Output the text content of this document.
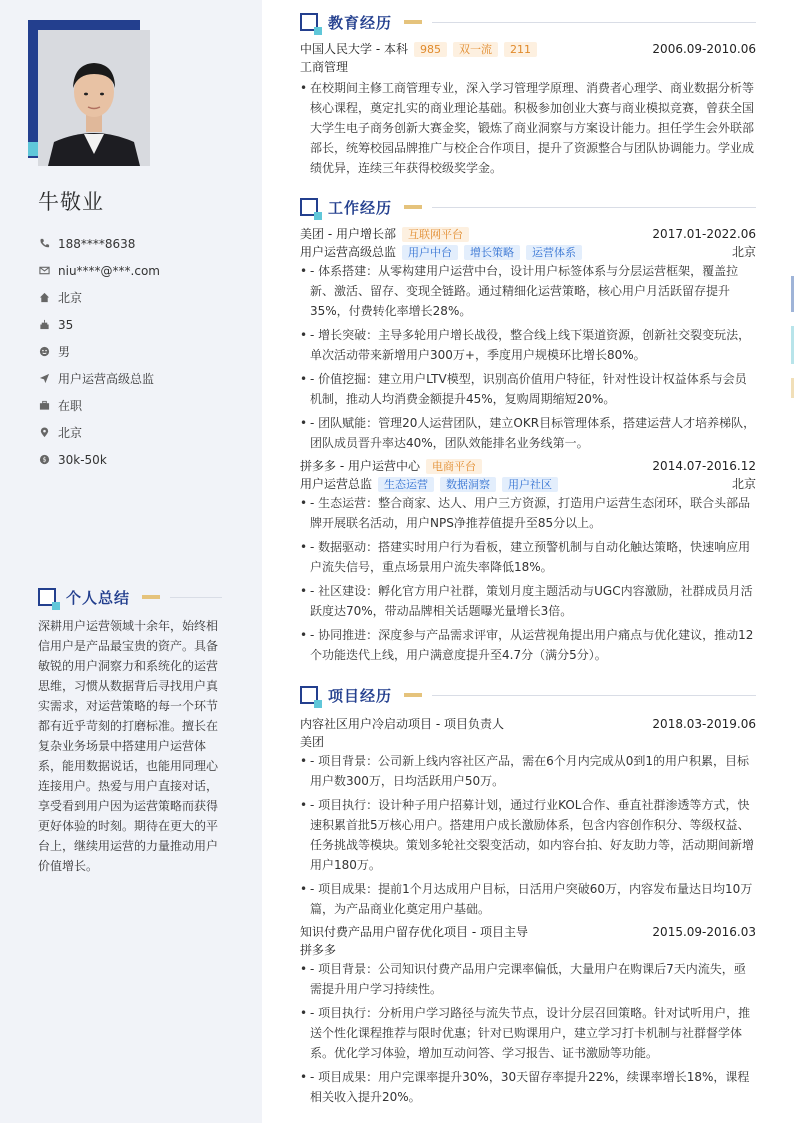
牛敬业
188****8638
niu****@***.com
北京
35
男
用户运营高级总监
在职
北京
$ 30k-50k
个人总结
深耕用户运营领域十余年，始终相信用户是产品最宝贵的资产。具备敏锐的用户洞察力和系统化的运营思维，习惯从数据背后寻找用户真实需求，对运营策略的每一个环节都有近乎苛刻的打磨标准。擅长在复杂业务场景中搭建用户运营体系，能用数据说话，也能用同理心连接用户。热爱与用户直接对话，享受看到用户因为运营策略而获得更好体验的时刻。期待在更大的平台上，继续用运营的力量推动用户价值增长。
教育经历
中国人民大学 - 本科	985	双一流	211	2006.09-2010.06
工商管理
• 在校期间主修工商管理专业，深入学习管理学原理、消费者心理学、商业数据分析等核心课程，奠定扎实的商业理论基础。积极参加创业大赛与商业模拟竞赛，曾获全国大学生电子商务创新大赛金奖，锻炼了商业洞察与方案设计能力。担任学生会外联部部长，统筹校园品牌推广与校企合作项目，提升了资源整合与团队协调能力。学业成绩优异，连续三年获得校级奖学金。
工作经历
美团 - 用户增长部	互联网平台	2017.01-2022.06
用户运营高级总监	用户中台	增长策略	运营体系	北京
• - 体系搭建：从零构建用户运营中台，设计用户标签体系与分层运营框架，覆盖拉新、激活、留存、变现全链路。通过精细化运营策略，核心用户月活跃留存提升35%，付费转化率增长28%。
• - 增长突破：主导多轮用户增长战役，整合线上线下渠道资源，创新社交裂变玩法，单次活动带来新增用户300万+，季度用户规模环比增长80%。
• - 价值挖掘：建立用户LTV模型，识别高价值用户特征，针对性设计权益体系与会员机制，推动人均消费金额提升45%，复购周期缩短20%。
• - 团队赋能：管理20人运营团队，建立OKR目标管理体系，搭建运营人才培养梯队，团队成员晋升率达40%，团队效能排名业务线第一。
拼多多 - 用户运营中心	电商平台	2014.07-2016.12
用户运营总监	生态运营	数据洞察	用户社区	北京
• - 生态运营：整合商家、达人、用户三方资源，打造用户运营生态闭环，联合头部品牌开展联名活动，用户NPS净推荐值提升至85分以上。
• - 数据驱动：搭建实时用户行为看板，建立预警机制与自动化触达策略，快速响应用户流失信号，重点场景用户流失率降低18%。
• - 社区建设：孵化官方用户社群，策划月度主题活动与UGC内容激励，社群成员月活跃度达70%，带动品牌相关话题曝光量增长3倍。
• - 协同推进：深度参与产品需求评审，从运营视角提出用户痛点与优化建议，推动12个功能迭代上线，用户满意度提升至4.7分（满分5分）。
项目经历
内容社区用户冷启动项目 - 项目负责人	2018.03-2019.06
美团
• - 项目背景：公司新上线内容社区产品，需在6个月内完成从0到1的用户积累，目标用户数300万，日均活跃用户50万。
• - 项目执行：设计种子用户招募计划，通过行业KOL合作、垂直社群渗透等方式，快速积累首批5万核心用户。搭建用户成长激励体系，包含内容创作积分、等级权益、任务挑战等模块。策划多轮社交裂变活动，如内容台拍、好友助力等，活动期间新增用户180万。
• - 项目成果：提前1个月达成用户目标，日活用户突破60万，内容发布量达日均10万篇，为产品商业化奠定用户基础。
知识付费产品用户留存优化项目 - 项目主导	2015.09-2016.03
拼多多
• - 项目背景：公司知识付费产品用户完课率偏低，大量用户在购课后7天内流失，亟需提升用户学习持续性。
• - 项目执行：分析用户学习路径与流失节点，设计分层召回策略。针对试听用户，推送个性化课程推荐与限时优惠；针对已购课用户，建立学习打卡机制与社群督学体系。优化学习体验，增加互动问答、学习报告、证书激励等功能。
• - 项目成果：用户完课率提升30%，30天留存率提升22%，续课率增长18%，课程相关收入提升20%。
